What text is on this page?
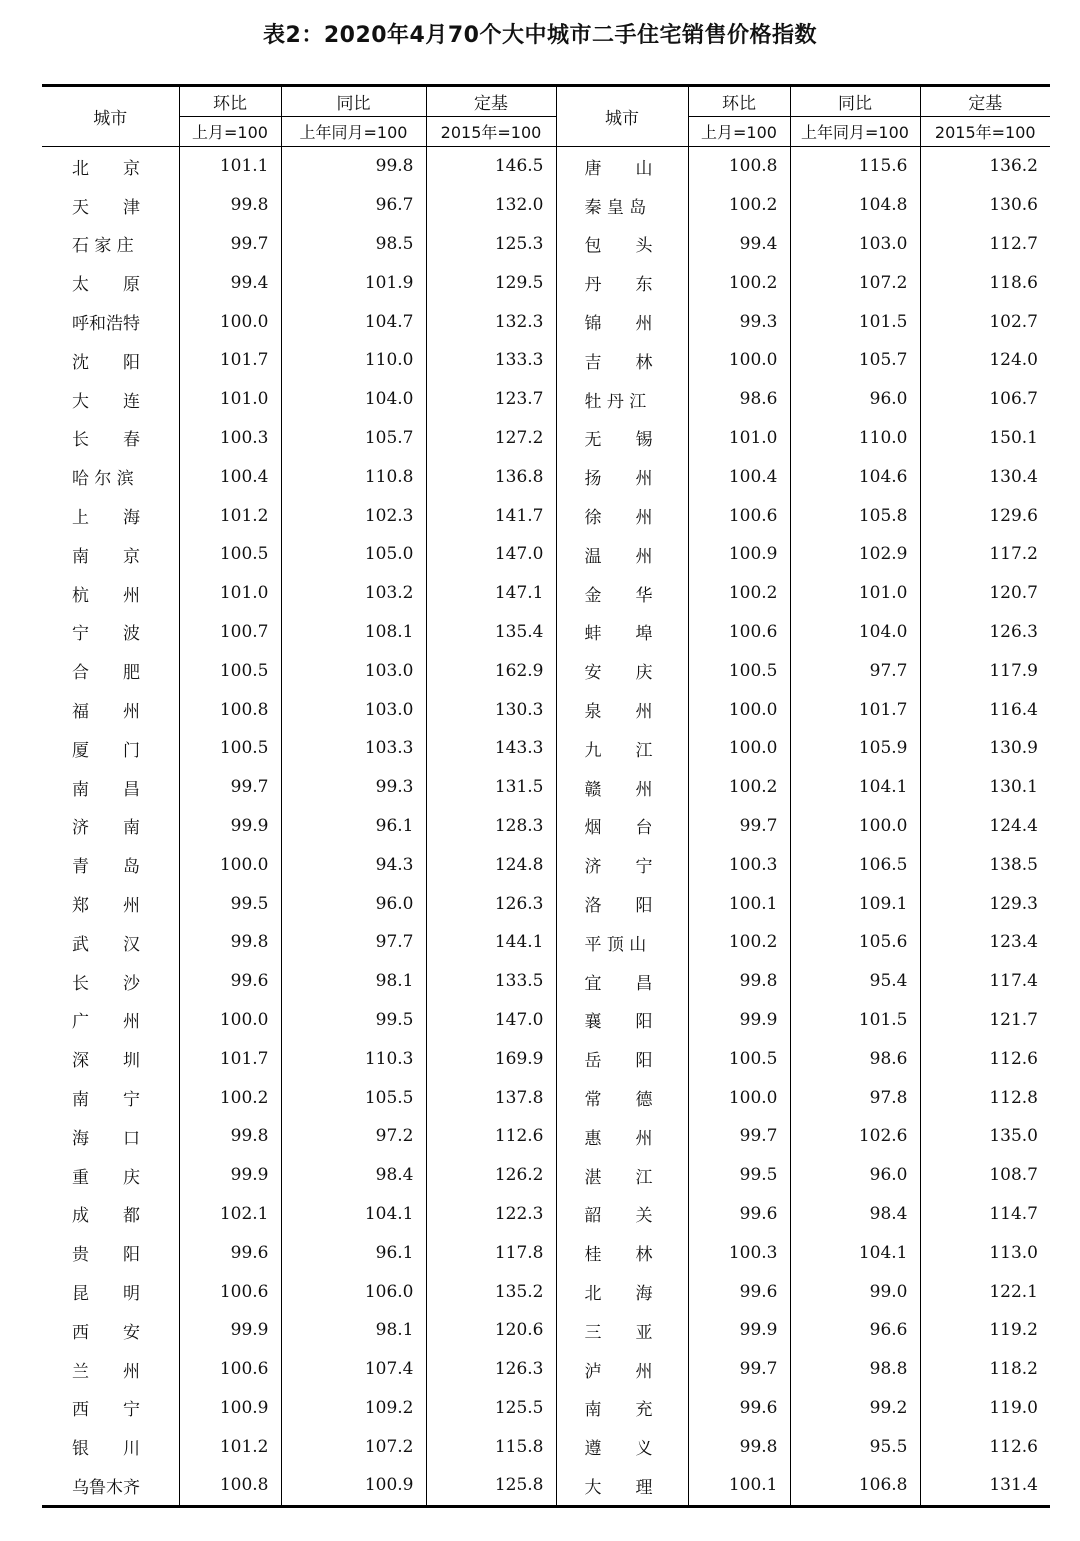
表2：2020年4月70个大中城市二手住宅销售价格指数
城市	环比	同比	定基	城市	环比	同比	定基
	上月=100	上年同月=100	2015年=100		上月=100	上年同月=100	2015年=100
北　　京	101.1	99.8	146.5	唐　　山	100.8	115.6	136.2
天　　津	99.8	96.7	132.0	秦 皇 岛	100.2	104.8	130.6
石 家 庄	99.7	98.5	125.3	包　　头	99.4	103.0	112.7
太　　原	99.4	101.9	129.5	丹　　东	100.2	107.2	118.6
呼和浩特	100.0	104.7	132.3	锦　　州	99.3	101.5	102.7
沈　　阳	101.7	110.0	133.3	吉　　林	100.0	105.7	124.0
大　　连	101.0	104.0	123.7	牡 丹 江	98.6	96.0	106.7
长　　春	100.3	105.7	127.2	无　　锡	101.0	110.0	150.1
哈 尔 滨	100.4	110.8	136.8	扬　　州	100.4	104.6	130.4
上　　海	101.2	102.3	141.7	徐　　州	100.6	105.8	129.6
南　　京	100.5	105.0	147.0	温　　州	100.9	102.9	117.2
杭　　州	101.0	103.2	147.1	金　　华	100.2	101.0	120.7
宁　　波	100.7	108.1	135.4	蚌　　埠	100.6	104.0	126.3
合　　肥	100.5	103.0	162.9	安　　庆	100.5	97.7	117.9
福　　州	100.8	103.0	130.3	泉　　州	100.0	101.7	116.4
厦　　门	100.5	103.3	143.3	九　　江	100.0	105.9	130.9
南　　昌	99.7	99.3	131.5	赣　　州	100.2	104.1	130.1
济　　南	99.9	96.1	128.3	烟　　台	99.7	100.0	124.4
青　　岛	100.0	94.3	124.8	济　　宁	100.3	106.5	138.5
郑　　州	99.5	96.0	126.3	洛　　阳	100.1	109.1	129.3
武　　汉	99.8	97.7	144.1	平 顶 山	100.2	105.6	123.4
长　　沙	99.6	98.1	133.5	宜　　昌	99.8	95.4	117.4
广　　州	100.0	99.5	147.0	襄　　阳	99.9	101.5	121.7
深　　圳	101.7	110.3	169.9	岳　　阳	100.5	98.6	112.6
南　　宁	100.2	105.5	137.8	常　　德	100.0	97.8	112.8
海　　口	99.8	97.2	112.6	惠　　州	99.7	102.6	135.0
重　　庆	99.9	98.4	126.2	湛　　江	99.5	96.0	108.7
成　　都	102.1	104.1	122.3	韶　　关	99.6	98.4	114.7
贵　　阳	99.6	96.1	117.8	桂　　林	100.3	104.1	113.0
昆　　明	100.6	106.0	135.2	北　　海	99.6	99.0	122.1
西　　安	99.9	98.1	120.6	三　　亚	99.9	96.6	119.2
兰　　州	100.6	107.4	126.3	泸　　州	99.7	98.8	118.2
西　　宁	100.9	109.2	125.5	南　　充	99.6	99.2	119.0
银　　川	101.2	107.2	115.8	遵　　义	99.8	95.5	112.6
乌鲁木齐	100.8	100.9	125.8	大　　理	100.1	106.8	131.4
